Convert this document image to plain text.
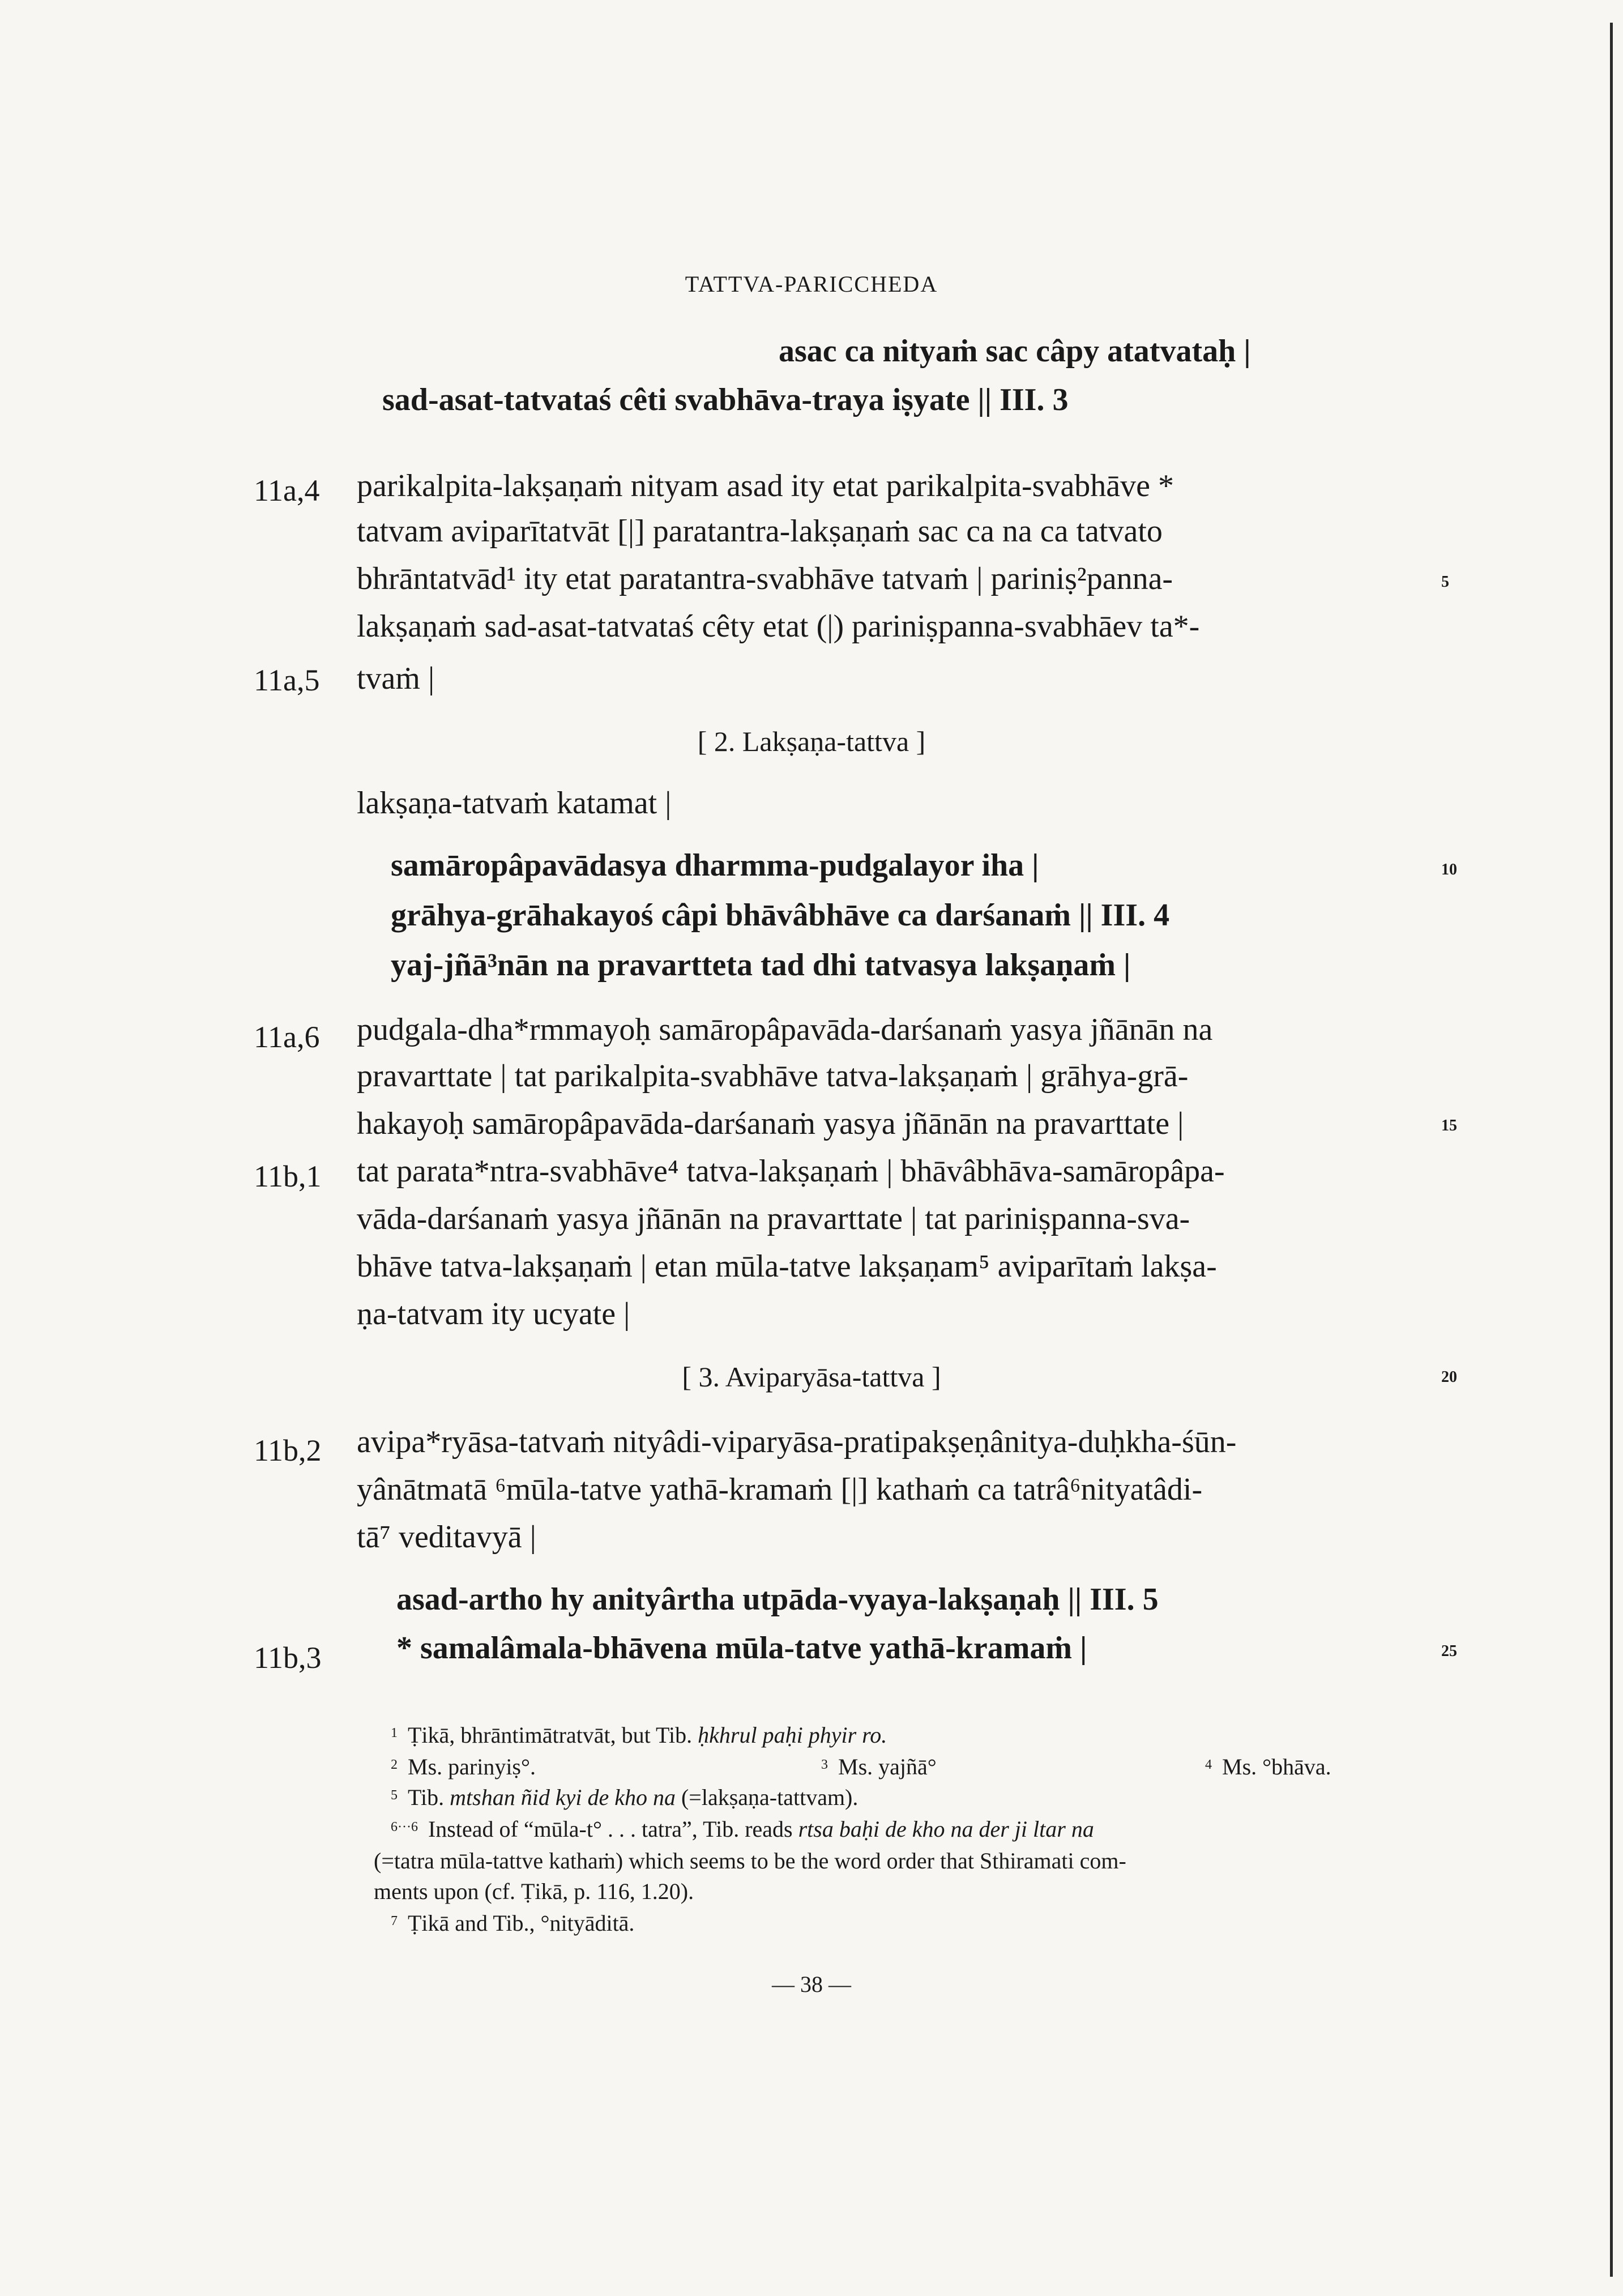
TATTVA-PARICCHEDA
asac ca nityaṁ sac câpy atatvataḥ |
sad-asat-tatvataś cêti svabhāva-traya iṣyate || III. 3
11a,4 parikalpita-lakṣaṇaṁ nityam asad ity etat parikalpita-svabhāve *
tatvam aviparītatvāt [|] paratantra-lakṣaṇaṁ sac ca na ca tatvato
bhrāntatvād¹ ity etat paratantra-svabhāve tatvaṁ | pariniṣ²panna-	5
lakṣaṇaṁ sad-asat-tatvataś cêty etat (|) pariniṣpanna-svabhāev ta*-
11a,5 tvaṁ |
[ 2. Lakṣaṇa-tattva ]
lakṣaṇa-tatvaṁ katamat |
samāropâpavādasya dharmma-pudgalayor iha |	10
grāhya-grāhakayoś câpi bhāvâbhāve ca darśanaṁ || III. 4
yaj-jñā³nān na pravartteta tad dhi tatvasya lakṣaṇaṁ |
11a,6 pudgala-dha*rmmayoḥ samāropâpavāda-darśanaṁ yasya jñānān na
pravarttate | tat parikalpita-svabhāve tatva-lakṣaṇaṁ | grāhya-grā-
hakayoḥ samāropâpavāda-darśanaṁ yasya jñānān na pravarttate |	15
11b,1 tat parata*ntra-svabhāve⁴ tatva-lakṣaṇaṁ | bhāvâbhāva-samāropâpa-
vāda-darśanaṁ yasya jñānān na pravarttate | tat pariniṣpanna-sva-
bhāve tatva-lakṣaṇaṁ | etan mūla-tatve lakṣaṇam⁵ aviparītaṁ lakṣa-
ṇa-tatvam ity ucyate |
[ 3. Aviparyāsa-tattva ]	20
11b,2 avipa*ryāsa-tatvaṁ nityâdi-viparyāsa-pratipakṣeṇânitya-duḥkha-śūn-
yânātmatā ⁶mūla-tatve yathā-kramaṁ [|] kathaṁ ca tatrâ⁶nityatâdi-
tā⁷ veditavyā |
asad-artho hy anityârtha utpāda-vyaya-lakṣaṇaḥ || III. 5
11b,3 * samalâmala-bhāvena mūla-tatve yathā-kramaṁ |	25
$^1$ Ṭikā, bhrāntimātratvāt, but Tib. ḥkhrul paḥi phyir ro.
$^2$ Ms. parinyiṣ°.	$^3$ Ms. yajñā°	$^4$ Ms. °bhāva.
$^5$ Tib. mtshan ñid kyi de kho na (=lakṣaṇa-tattvam).
$^{6\cdot\cdot\cdot 6}$ Instead of “mūla-t° . . . tatra”, Tib. reads rtsa baḥi de kho na der ji ltar na
(=tatra mūla-tattve kathaṁ) which seems to be the word order that Sthiramati com-
ments upon (cf. Ṭikā, p. 116, 1.20).
$^7$ Ṭikā and Tib., °nityāditā.
— 38 —
